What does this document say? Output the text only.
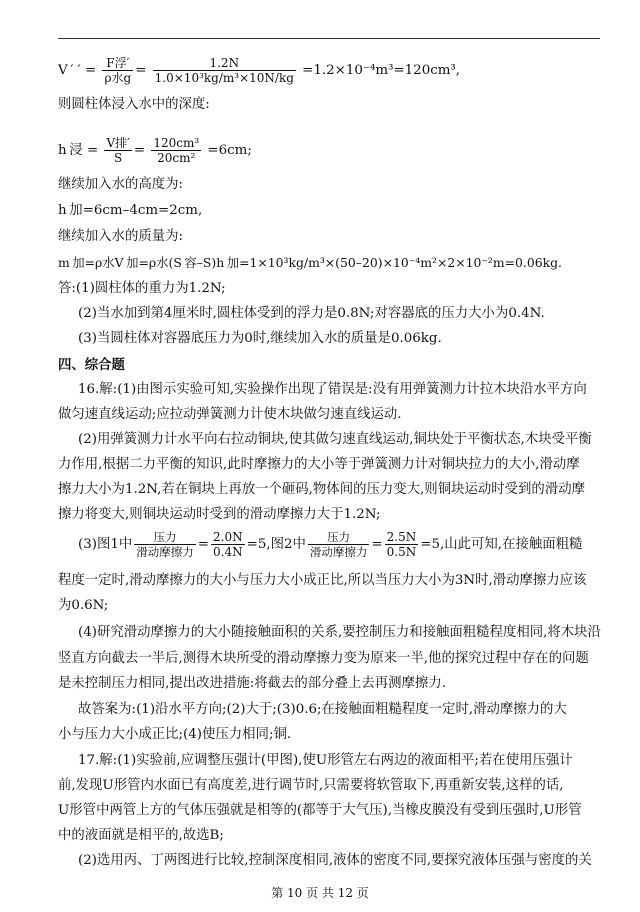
V ′ ′ = $\frac{\text{F浮′}}{\text{ρ水g}} = \frac{1.2N}{\text{1.0×10³kg/m³×10N/kg}} =1.2\times 10^{-4}m^3=120cm^3$,
则圆柱体浸入水中的深度:
h 浸 = $\frac{\text{V排′}}{S} = \frac{\text{120cm³}}{\text{20cm²}} =6cm$;
继续加入水的高度为:
h 加=6cm–4cm=2cm,
继续加入水的质量为:
m 加=ρ水V 加=ρ水(S 容–S)h 加=1×10³kg/m³×(50–20)×10⁻⁴m²×2×10⁻²m=0.06kg.
答:(1)圆柱体的重力为1.2N;
(2)当水加到第4厘米时,圆柱体受到的浮力是0.8N;对容器底的压力大小为0.4N.
(3)当圆柱体对容器底压力为0时,继续加入水的质量是0.06kg.
四、综合题
16.解:(1)由图示实验可知,实验操作出现了错误是:没有用弹簧测力计拉木块沿水平方向
做匀速直线运动;应拉动弹簧测力计使木块做匀速直线运动.
(2)用弹簧测力计水平向右拉动铜块,使其做匀速直线运动,铜块处于平衡状态,木块受平衡
力作用,根据二力平衡的知识,此时摩擦力的大小等于弹簧测力计对铜块拉力的大小,滑动摩
擦力大小为1.2N,若在铜块上再放一个砸码,物体间的压力变大,则铜块运动时受到的滑动摩
擦力将变大,则铜块运动时受到的滑动摩擦力大于1.2N;
(3)图1中 $\frac{\text{压力}}{\text{滑动摩擦力}} = \frac{2.0N}{0.4N} =5$,图2中 $\frac{\text{压力}}{\text{滑动摩擦力}} = \frac{2.5N}{0.5N} =5$,山此可知,在接触面粗糙
程度一定时,滑动摩擦力的大小与压力大小成正比,所以当压力大小为3N时,滑动摩擦力应该
为0.6N;
(4)研究滑动摩擦力的大小随接触面积的关系,要控制压力和接触面粗糙程度相同,将木块沿
竖直方向截去一半后,测得木块所受的滑动摩擦力变为原来一半,他的探究过程中存在的问题
是未控制压力相同,提出改进措施:将截去的部分叠上去再测摩擦力.
故答案为:(1)沿水平方向;(2)大于;(3)0.6;在接触面粗糙程度一定时,滑动摩擦力的大
小与压力大小成正比;(4)使压力相同;铜.
17.解:(1)实验前,应调整压强计(甲图),使U形管左右两边的液面相平;若在使用压强计
前,发现U形管内水面已有高度差,进行调节时,只需要将软管取下,再重新安装,这样的话,
U形管中两管上方的气体压强就是相等的(都等于大气压),当橡皮膜没有受到压强时,U形管
中的液面就是相平的,故选B;
(2)选用丙、丁两图进行比较,控制深度相同,液体的密度不同,要探究液体压强与密度的关
第 10 页 共 12 页
